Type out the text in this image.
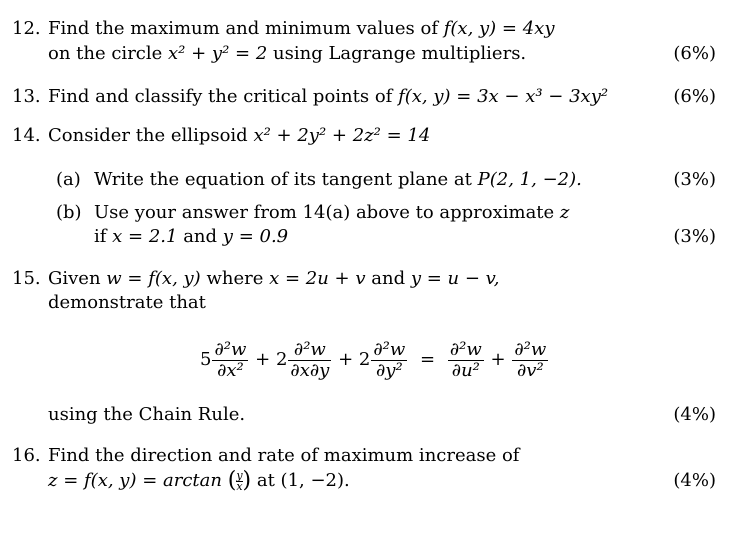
12. Find the maximum and minimum values of f(x, y) = 4xy
on the circle x² + y² = 2 using Lagrange multipliers.	(6%)
13. Find and classify the critical points of f(x, y) = 3x − x³ − 3xy²	(6%)
14. Consider the ellipsoid x² + 2y² + 2z² = 14
(a) Write the equation of its tangent plane at P(2, 1, −2).	(3%)
(b) Use your answer from 14(a) above to approximate z
if x = 2.1 and y = 0.9	(3%)
15. Given w = f(x, y) where x = 2u + v and y = u − v,
demonstrate that
$5 \frac{\text{∂²w}}{\text{∂x²}} + 2 \frac{\text{∂²w}}{\partial x\partial y} + 2 \frac{\text{∂²w}}{\text{∂y²}} = \frac{\text{∂²w}}{\text{∂u²}} + \frac{\text{∂²w}}{\text{∂v²}}$
using the Chain Rule.	(4%)
16. Find the direction and rate of maximum increase of
z = f(x, y) = arctan ( $\frac{y}{x}$ ) at (1, −2).	(4%)
